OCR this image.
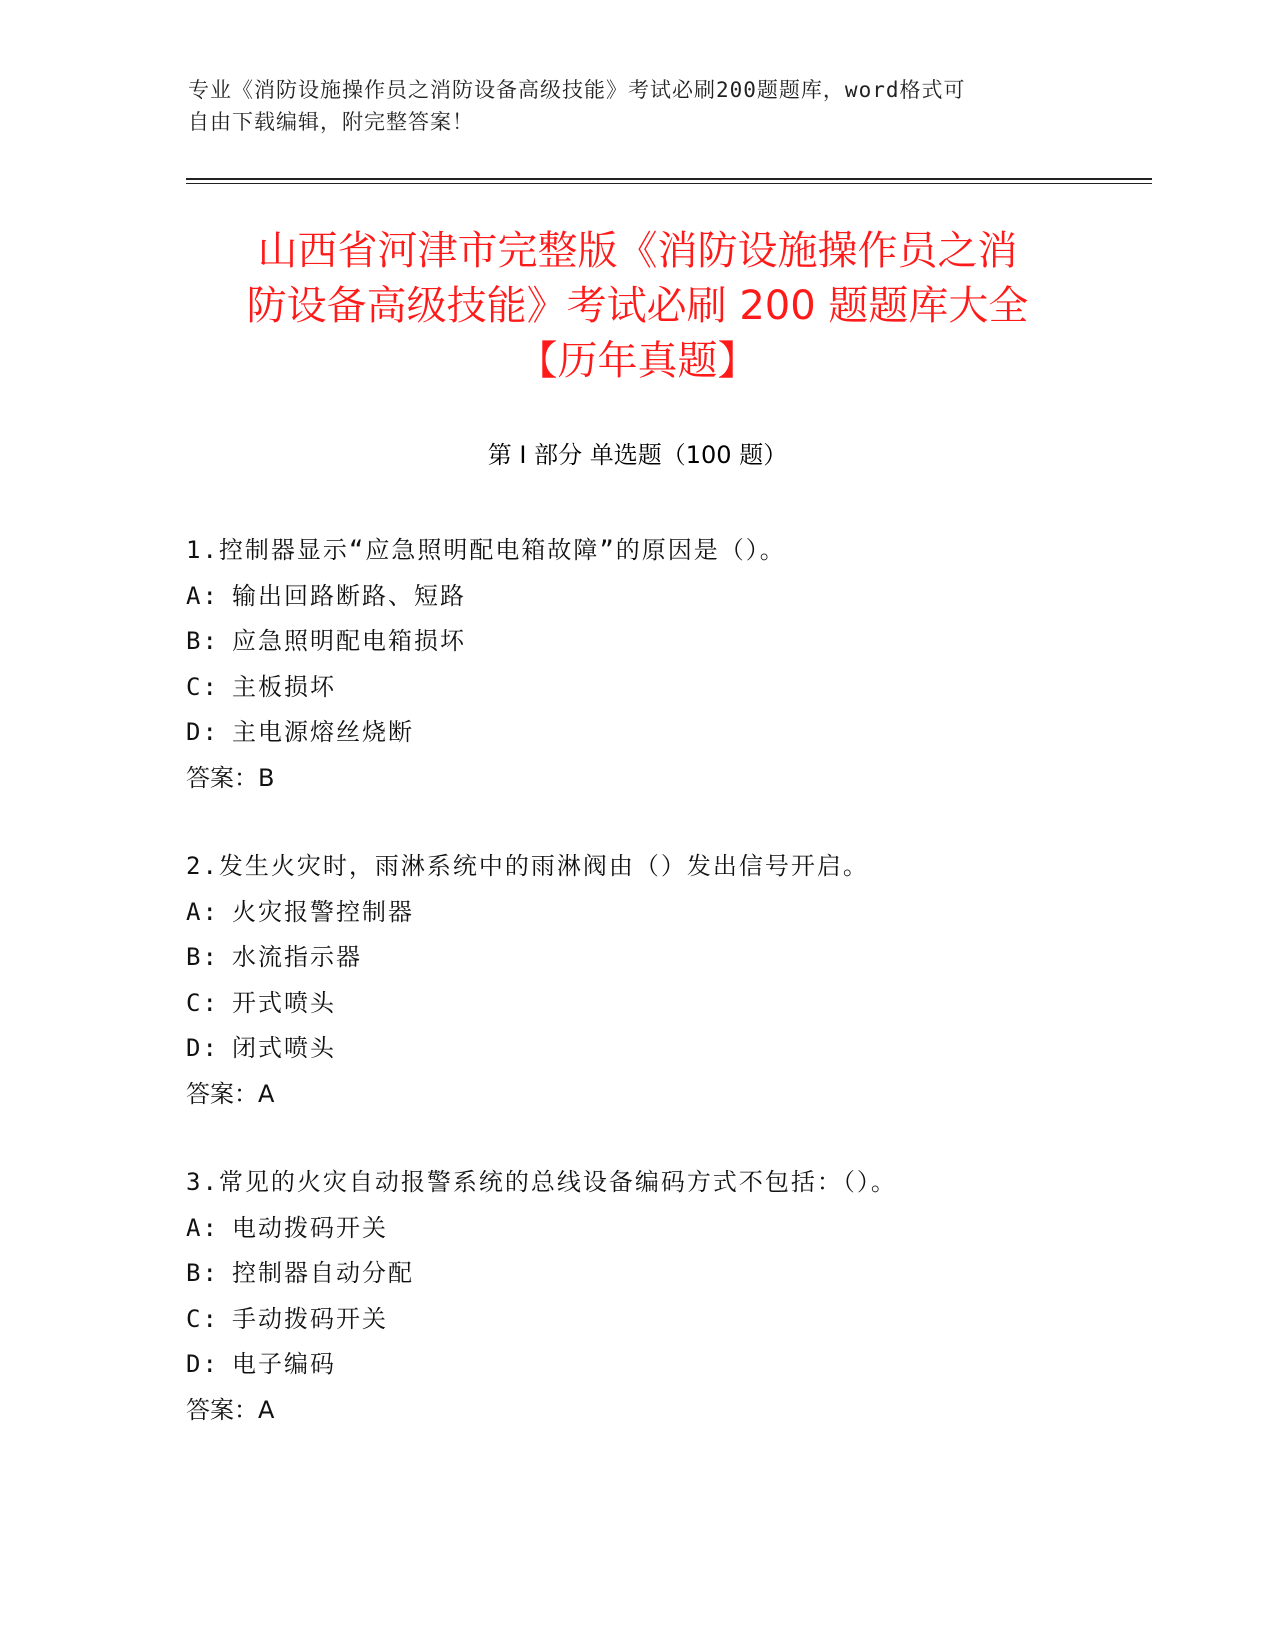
专业《消防设施操作员之消防设备高级技能》考试必刷200题题库，word格式可
自由下载编辑，附完整答案！
山西省河津市完整版《消防设施操作员之消
防设备高级技能》考试必刷 200 题题库大全
【历年真题】
第 I 部分 单选题（100 题）
1.控制器显示“应急照明配电箱故障”的原因是（）。
A: 输出回路断路、短路
B: 应急照明配电箱损坏
C: 主板损坏
D: 主电源熔丝烧断
答案：B
2.发生火灾时，雨淋系统中的雨淋阀由（）发出信号开启。
A: 火灾报警控制器
B: 水流指示器
C: 开式喷头
D: 闭式喷头
答案：A
3.常见的火灾自动报警系统的总线设备编码方式不包括：（）。
A: 电动拨码开关
B: 控制器自动分配
C: 手动拨码开关
D: 电子编码
答案：A
